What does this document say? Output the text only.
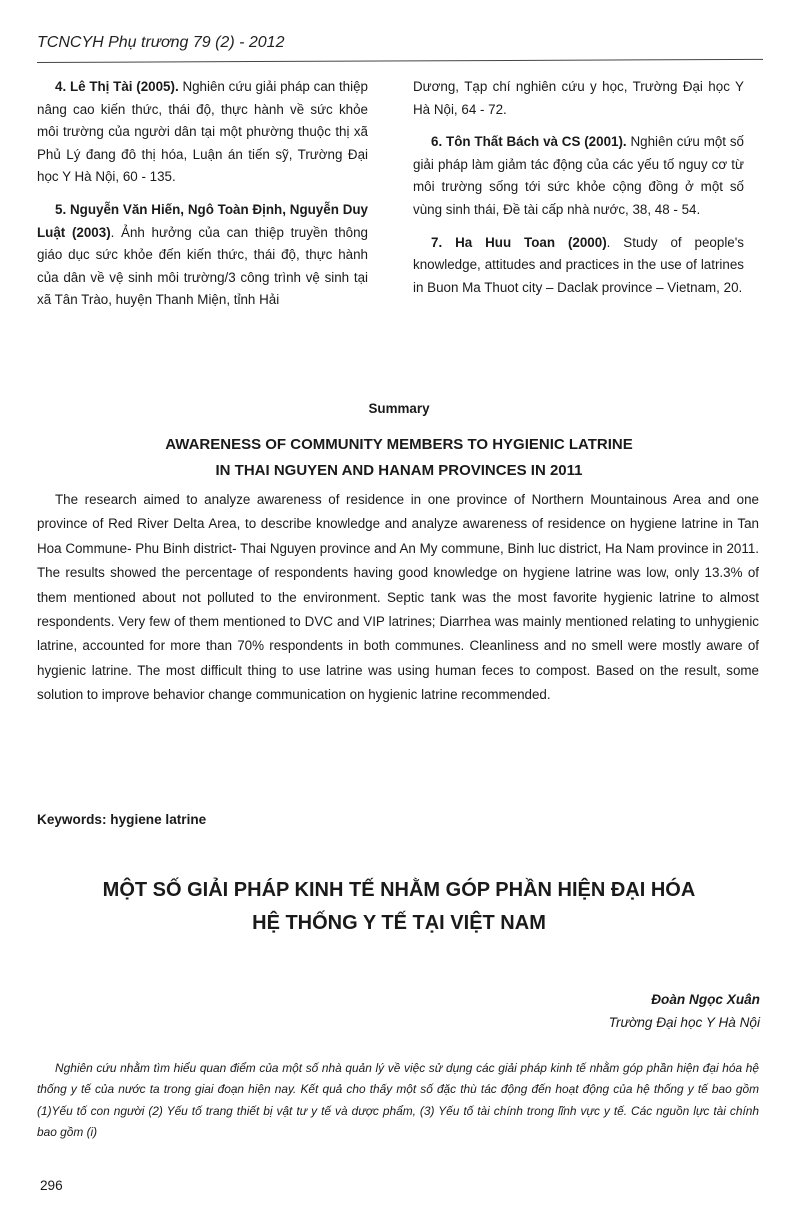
TCNCYH Phụ trương 79 (2) - 2012

4. Lê Thị Tài (2005). Nghiên cứu giải pháp can thiệp nâng cao kiến thức, thái độ, thực hành về sức khỏe môi trường của người dân tại một phường thuộc thị xã Phủ Lý đang đô thị hóa, Luận án tiến sỹ, Trường Đại học Y Hà Nội, 60 - 135.

5. Nguyễn Văn Hiến, Ngô Toàn Định, Nguyễn Duy Luật (2003). Ảnh hưởng của can thiệp truyền thông giáo dục sức khỏe đến kiến thức, thái độ, thực hành của dân về vệ sinh môi trường/3 công trình vệ sinh tại xã Tân Trào, huyện Thanh Miện, tỉnh Hải

Dương, Tạp chí nghiên cứu y học, Trường Đại học Y Hà Nội, 64 - 72.

6. Tôn Thất Bách và CS (2001). Nghiên cứu một số giải pháp làm giảm tác động của các yếu tố nguy cơ từ môi trường sống tới sức khỏe cộng đồng ở một số vùng sinh thái, Đề tài cấp nhà nước, 38, 48 - 54.

7. Ha Huu Toan (2000). Study of people's knowledge, attitudes and practices in the use of latrines in Buon Ma Thuot city – Daclak province – Vietnam, 20.

Summary
AWARENESS OF COMMUNITY MEMBERS TO HYGIENIC LATRINE
IN THAI NGUYEN AND HANAM PROVINCES IN 2011

The research aimed to analyze awareness of residence in one province of Northern Mountainous Area and one province of Red River Delta Area, to describe knowledge and analyze awareness of residence on hygiene latrine in Tan Hoa Commune- Phu Binh district- Thai Nguyen province and An My commune, Binh luc district, Ha Nam province in 2011. The results showed the percentage of respondents having good knowledge on hygiene latrine was low, only 13.3% of them mentioned about not polluted to the environment. Septic tank was the most favorite hygienic latrine to almost respondents. Very few of them mentioned to DVC and VIP latrines; Diarrhea was mainly mentioned relating to unhygienic latrine, accounted for more than 70% respondents in both communes. Cleanliness and no smell were mostly aware of hygienic latrine. The most difficult thing to use latrine was using human feces to compost. Based on the result, some solution to improve behavior change communication on hygienic latrine recommended.

Keywords: hygiene latrine
MỘT SỐ GIẢI PHÁP KINH TẾ NHẰM GÓP PHẦN HIỆN ĐẠI HÓA
HỆ THỐNG Y TẾ TẠI VIỆT NAM
Đoàn Ngọc Xuân
Trường Đại học Y Hà Nội

Nghiên cứu nhằm tìm hiểu quan điểm của một số nhà quản lý về việc sử dụng các giải pháp kinh tế nhằm góp phần hiện đại hóa hệ thống y tế của nước ta trong giai đoạn hiện nay. Kết quả cho thấy một số đặc thù tác động đến hoạt động của hệ thống y tế bao gồm (1)Yếu tố con người (2) Yếu tố trang thiết bị vật tư y tế và dược phẩm, (3) Yếu tố tài chính trong lĩnh vực y tế. Các nguồn lực tài chính bao gồm (i)

296
